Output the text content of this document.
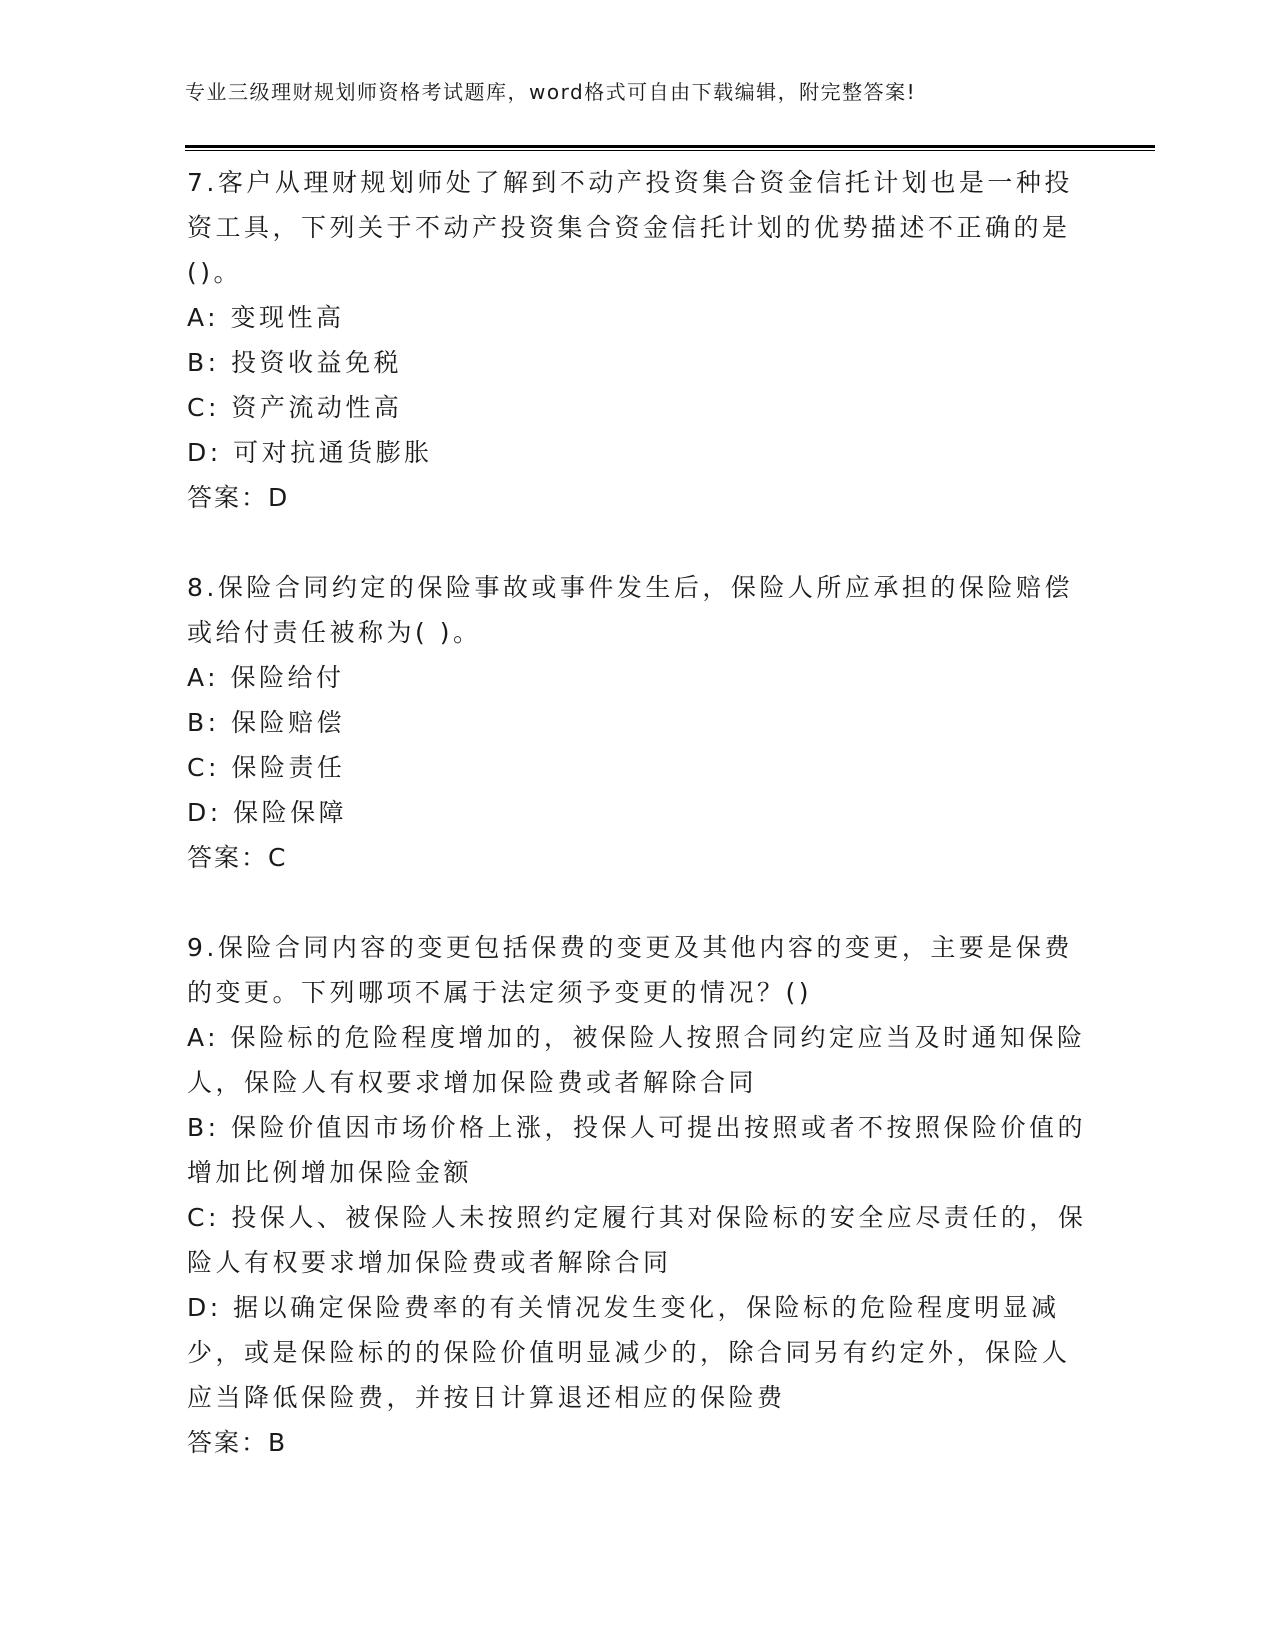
专业三级理财规划师资格考试题库，word格式可自由下载编辑，附完整答案!

7.客户从理财规划师处了解到不动产投资集合资金信托计划也是一种投资工具，下列关于不动产投资集合资金信托计划的优势描述不正确的是()。

A: 变现性高

B: 投资收益免税

C: 资产流动性高

D: 可对抗通货膨胀

答案：D

8.保险合同约定的保险事故或事件发生后，保险人所应承担的保险赔偿或给付责任被称为( )。

A: 保险给付

B: 保险赔偿

C: 保险责任

D: 保险保障

答案：C

9.保险合同内容的变更包括保费的变更及其他内容的变更，主要是保费的变更。下列哪项不属于法定须予变更的情况？()

A: 保险标的危险程度增加的，被保险人按照合同约定应当及时通知保险人，保险人有权要求增加保险费或者解除合同

B: 保险价值因市场价格上涨，投保人可提出按照或者不按照保险价值的增加比例增加保险金额

C: 投保人、被保险人未按照约定履行其对保险标的安全应尽责任的，保险人有权要求增加保险费或者解除合同

D: 据以确定保险费率的有关情况发生变化，保险标的危险程度明显减少，或是保险标的的保险价值明显减少的，除合同另有约定外，保险人应当降低保险费，并按日计算退还相应的保险费

答案：B
